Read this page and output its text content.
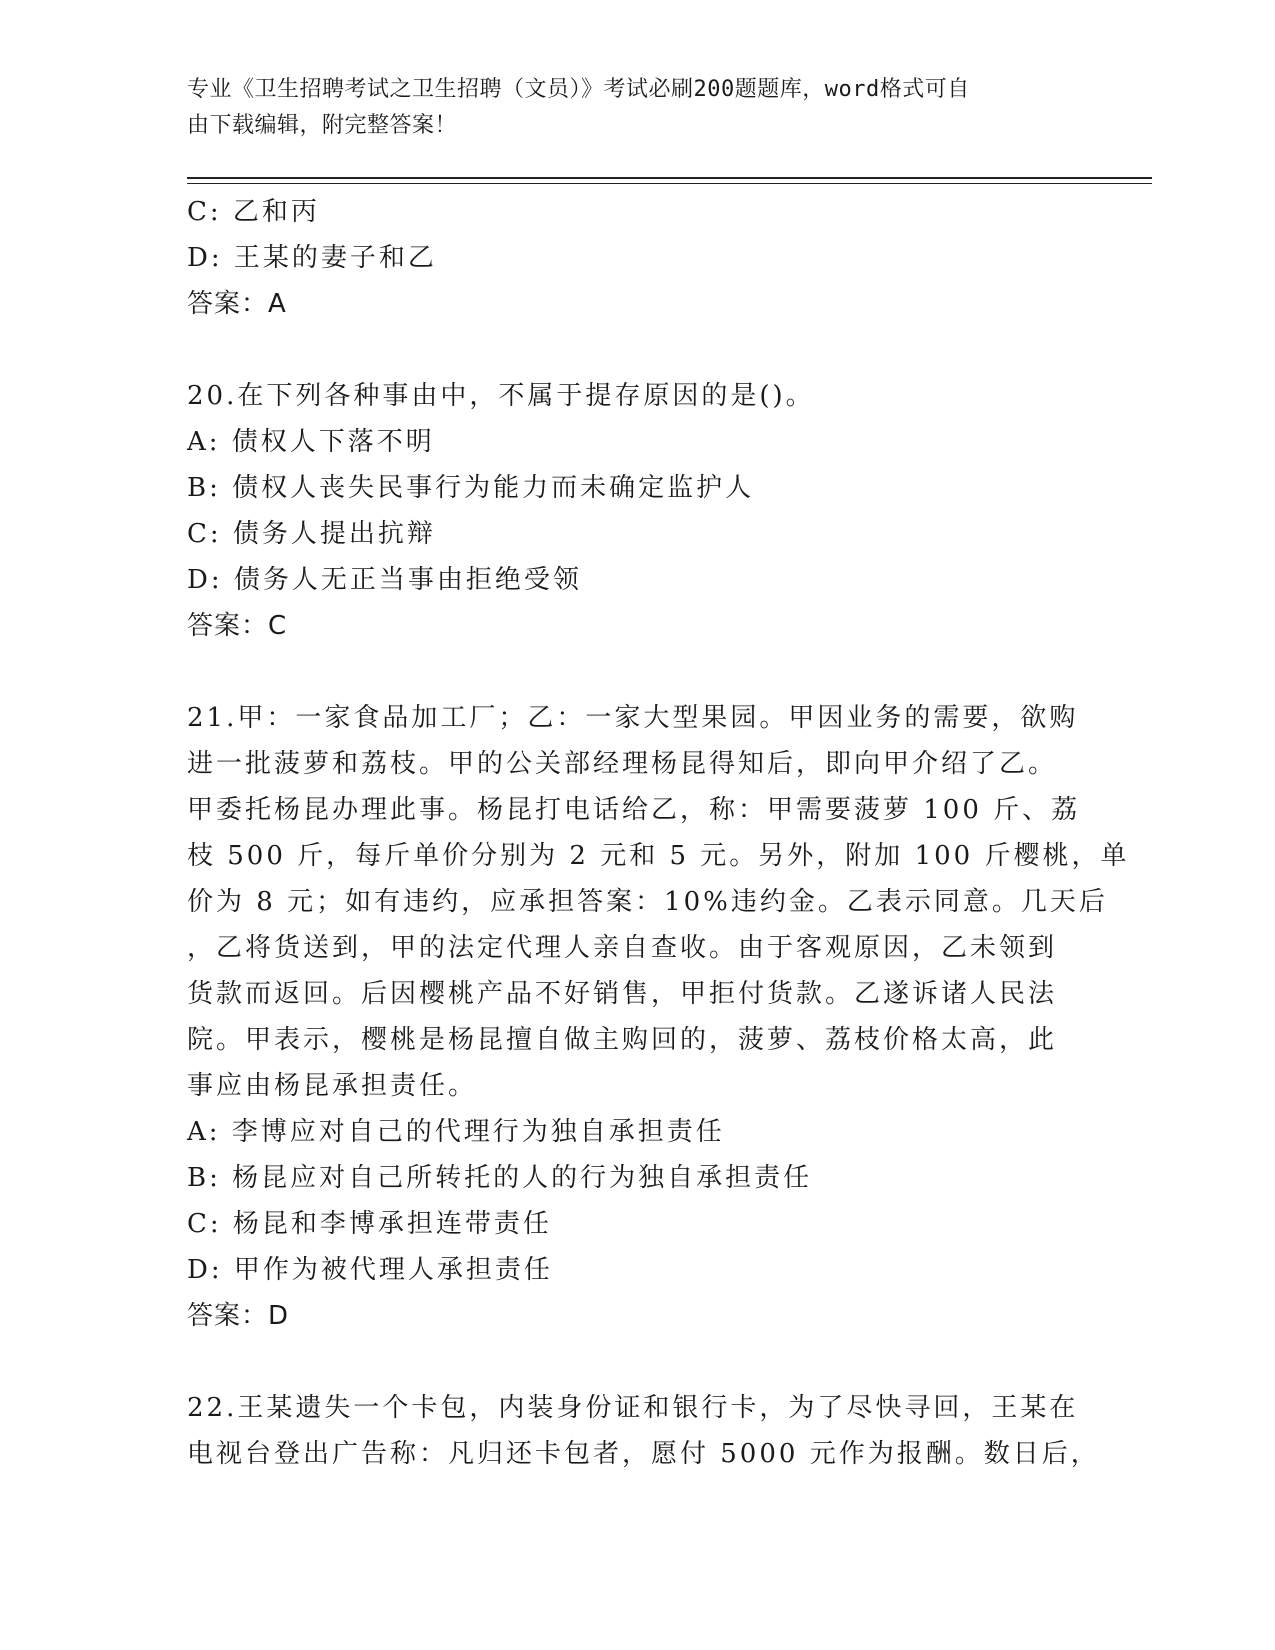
专业《卫生招聘考试之卫生招聘（文员）》考试必刷200题题库，word格式可自
由下载编辑，附完整答案！
C: 乙和丙
D: 王某的妻子和乙
答案：A
20.在下列各种事由中，不属于提存原因的是()。
A: 债权人下落不明
B: 债权人丧失民事行为能力而未确定监护人
C: 债务人提出抗辩
D: 债务人无正当事由拒绝受领
答案：C
21.甲：一家食品加工厂；乙：一家大型果园。甲因业务的需要，欲购
进一批菠萝和荔枝。甲的公关部经理杨昆得知后，即向甲介绍了乙。
甲委托杨昆办理此事。杨昆打电话给乙，称：甲需要菠萝 100 斤、荔
枝 500 斤，每斤单价分别为 2 元和 5 元。另外，附加 100 斤樱桃，单
价为 8 元；如有违约，应承担答案：10%违约金。乙表示同意。几天后
，乙将货送到，甲的法定代理人亲自查收。由于客观原因，乙未领到
货款而返回。后因樱桃产品不好销售，甲拒付货款。乙遂诉诸人民法
院。甲表示，樱桃是杨昆擅自做主购回的，菠萝、荔枝价格太高，此
事应由杨昆承担责任。
A: 李博应对自己的代理行为独自承担责任
B: 杨昆应对自己所转托的人的行为独自承担责任
C: 杨昆和李博承担连带责任
D: 甲作为被代理人承担责任
答案：D
22.王某遗失一个卡包，内装身份证和银行卡，为了尽快寻回，王某在
电视台登出广告称：凡归还卡包者，愿付 5000 元作为报酬。数日后，
